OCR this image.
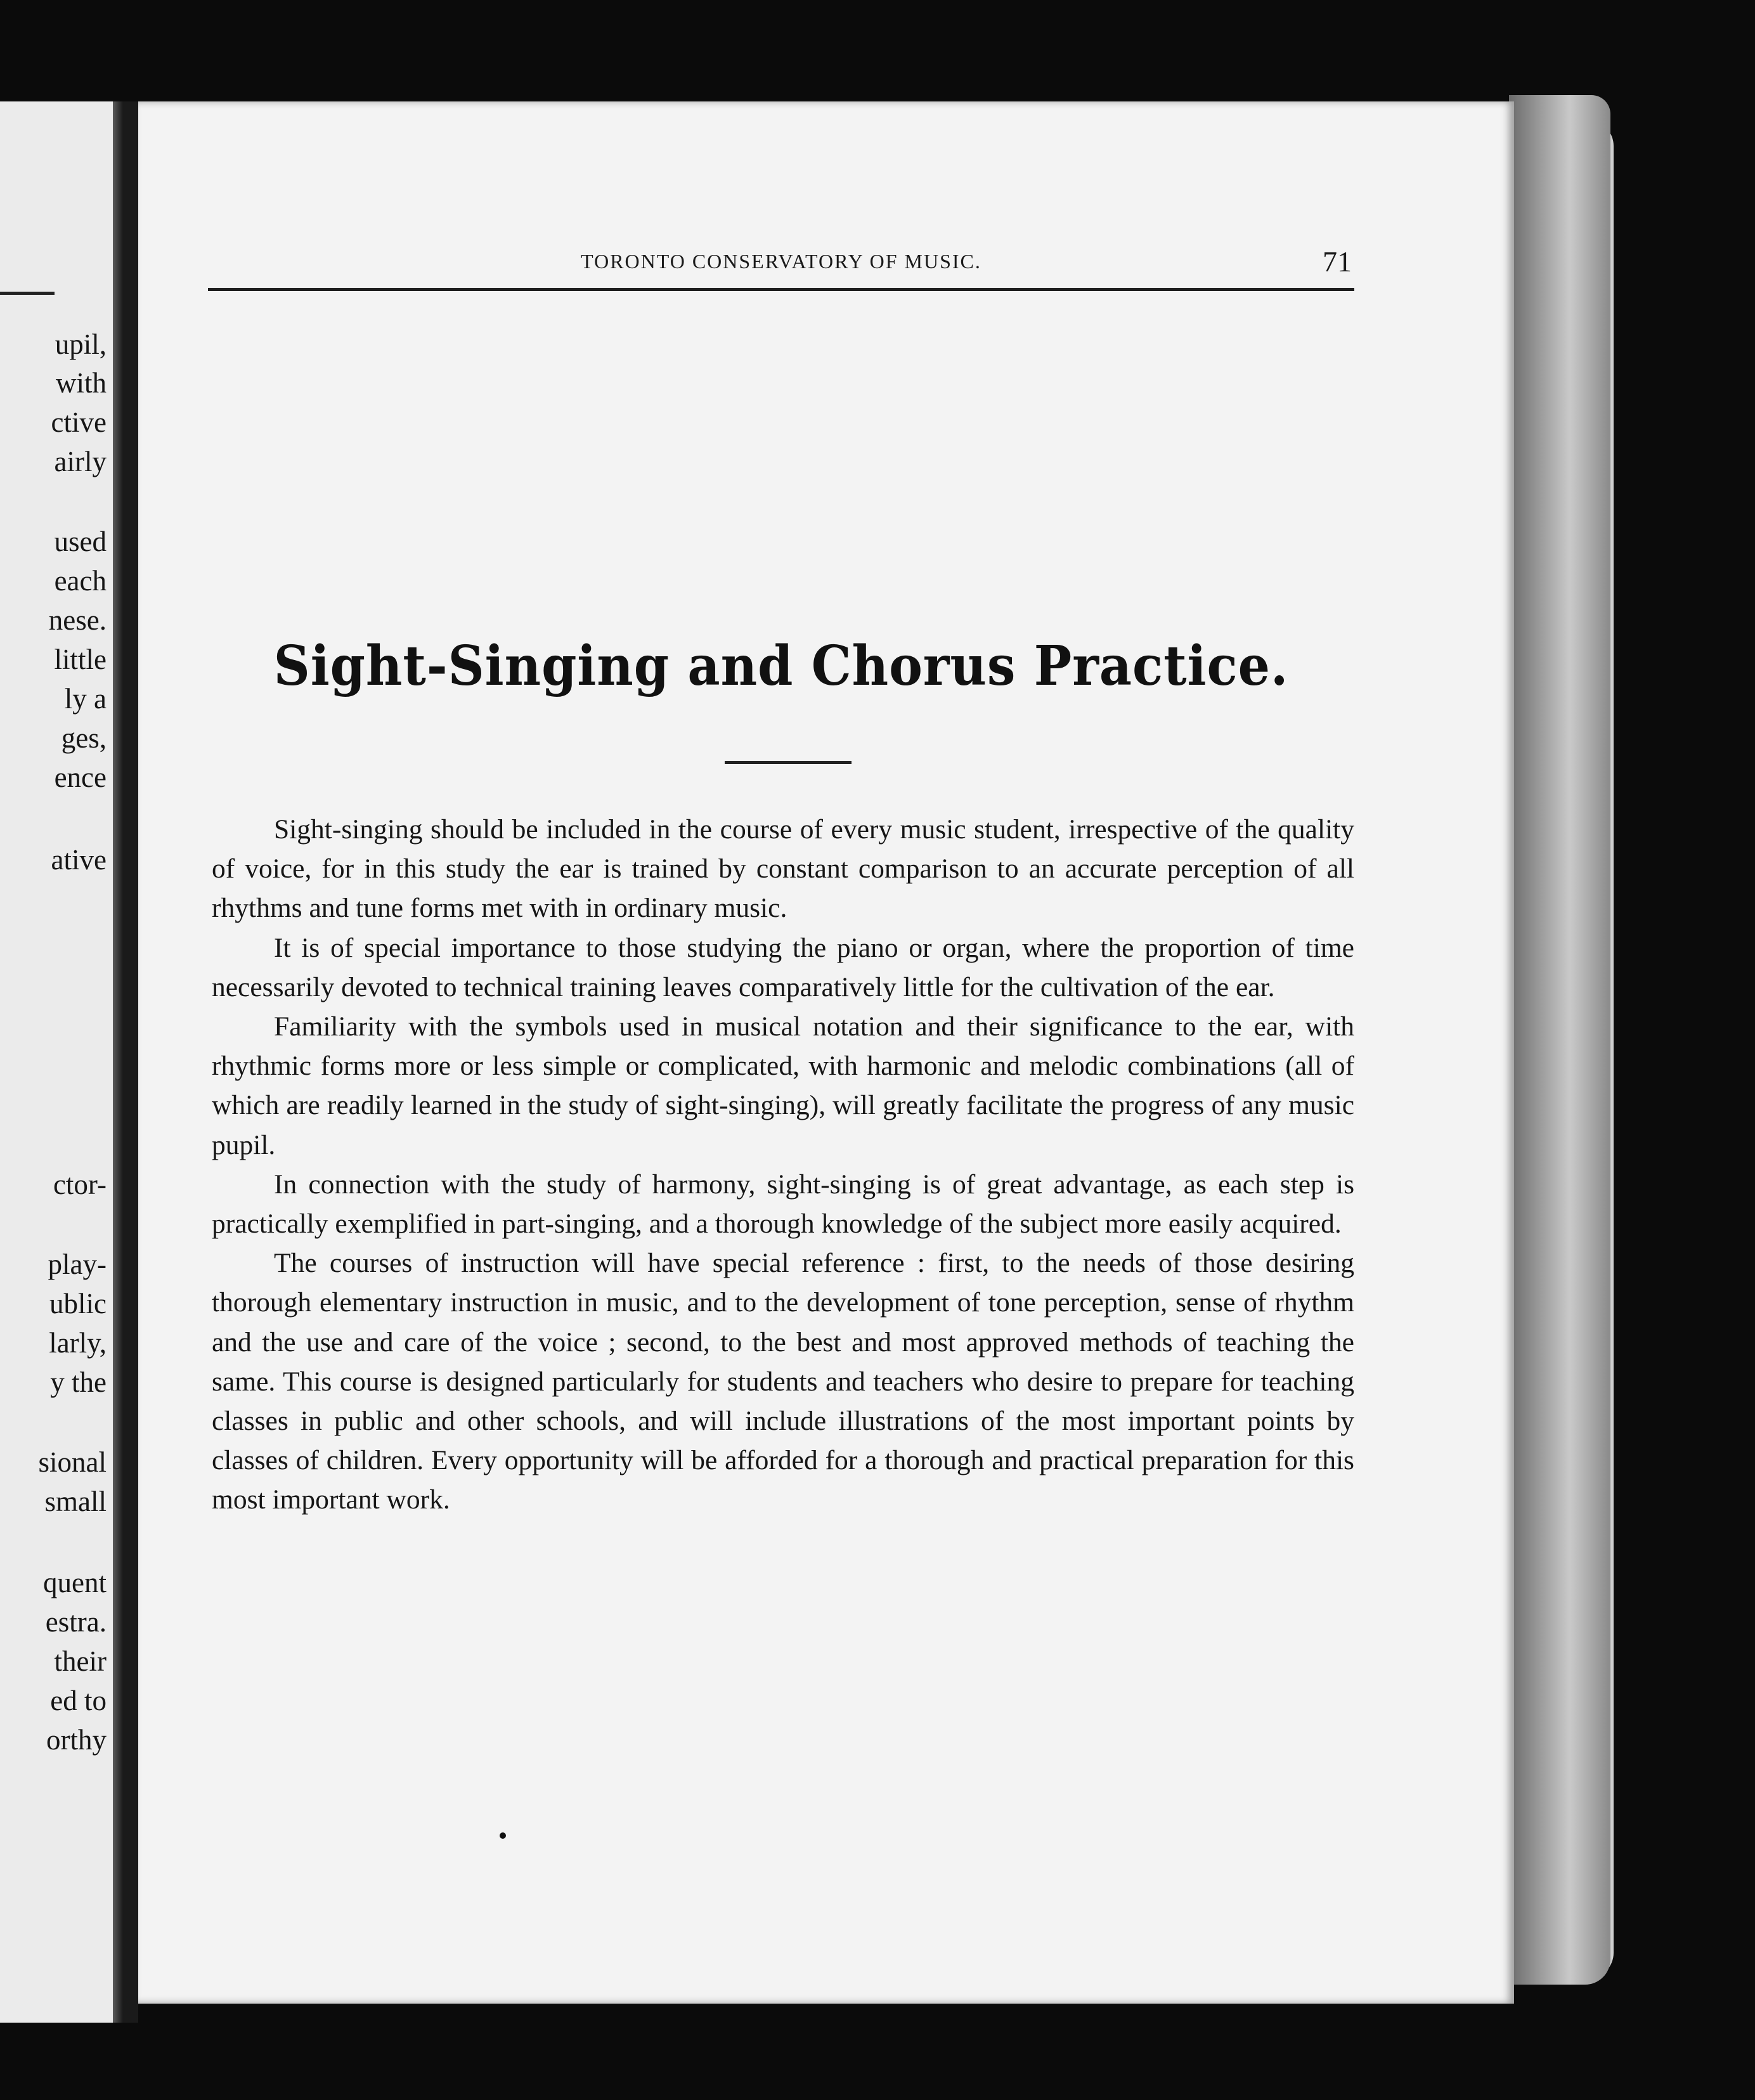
upil,
with
ctive
airly
used
each
nese.
little
ly a
ges,
ence
ative
ctor-
play-
ublic
larly,
y the
sional
small
quent
estra.
their
ed to
orthy
TORONTO CONSERVATORY OF MUSIC.	71
Sight-Singing and Chorus Practice.

Sight-singing should be included in the course of every music student, irrespective of the quality of voice, for in this study the ear is trained by constant comparison to an accurate perception of all rhythms and tune forms met with in ordinary music.

It is of special importance to those studying the piano or organ, where the proportion of time necessarily devoted to technical training leaves comparatively little for the cultivation of the ear.

Familiarity with the symbols used in musical notation and their significance to the ear, with rhythmic forms more or less simple or complicated, with harmonic and melodic combinations (all of which are readily learned in the study of sight-singing), will greatly facilitate the progress of any music pupil.

In connection with the study of harmony, sight-singing is of great advantage, as each step is practically exemplified in part-singing, and a thorough knowledge of the subject more easily acquired.

The courses of instruction will have special reference : first, to the needs of those desiring thorough elementary instruction in music, and to the development of tone perception, sense of rhythm and the use and care of the voice ; second, to the best and most approved methods of teaching the same. This course is designed particularly for students and teachers who desire to prepare for teaching classes in public and other schools, and will include illustrations of the most important points by classes of children. Every opportunity will be afforded for a thorough and practical preparation for this most important work.
